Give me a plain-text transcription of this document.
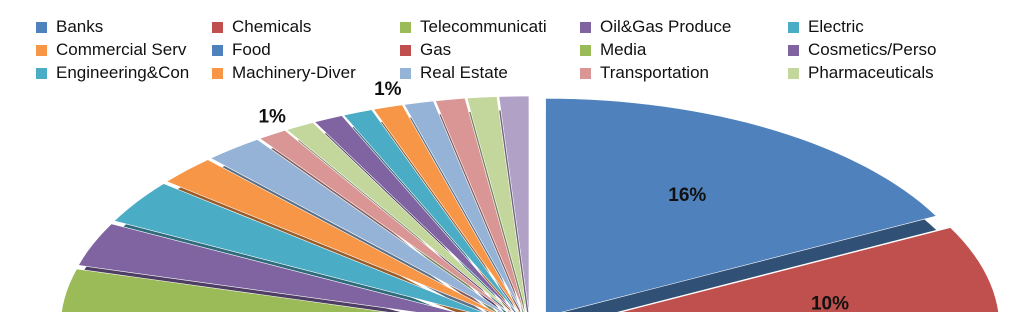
Banks	Chemicals	Telecommunicati	Oil&Gas Produce	Electric
Commercial Serv	Food	Gas	Media	Cosmetics/Perso
Engineering&Con	Machinery-Diver	Real Estate	Transportation	Pharmaceuticals
16%
10%
1%
1%
